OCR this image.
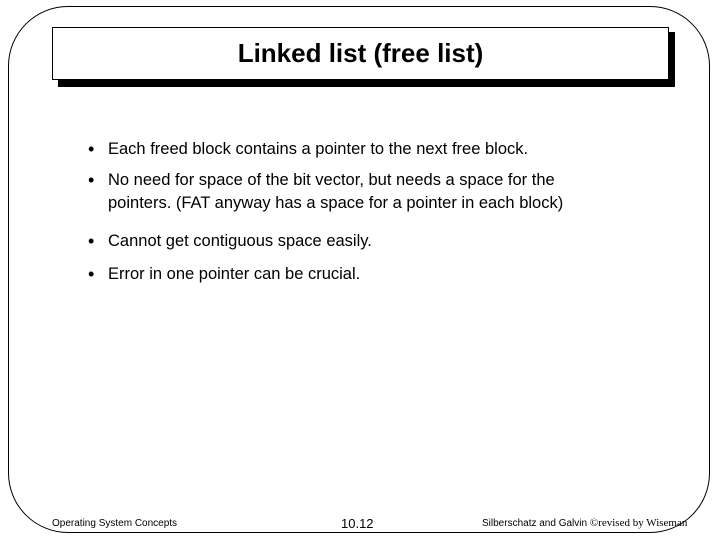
Linked list (free list)
• Each freed block contains a pointer to the next free block.
• No need for space of the bit vector, but needs a space for the
pointers. (FAT anyway has a space for a pointer in each block)
• Cannot get contiguous space easily.
• Error in one pointer can be crucial.
Operating System Concepts	10.12	Silberschatz and Galvin ©revised by Wiseman
